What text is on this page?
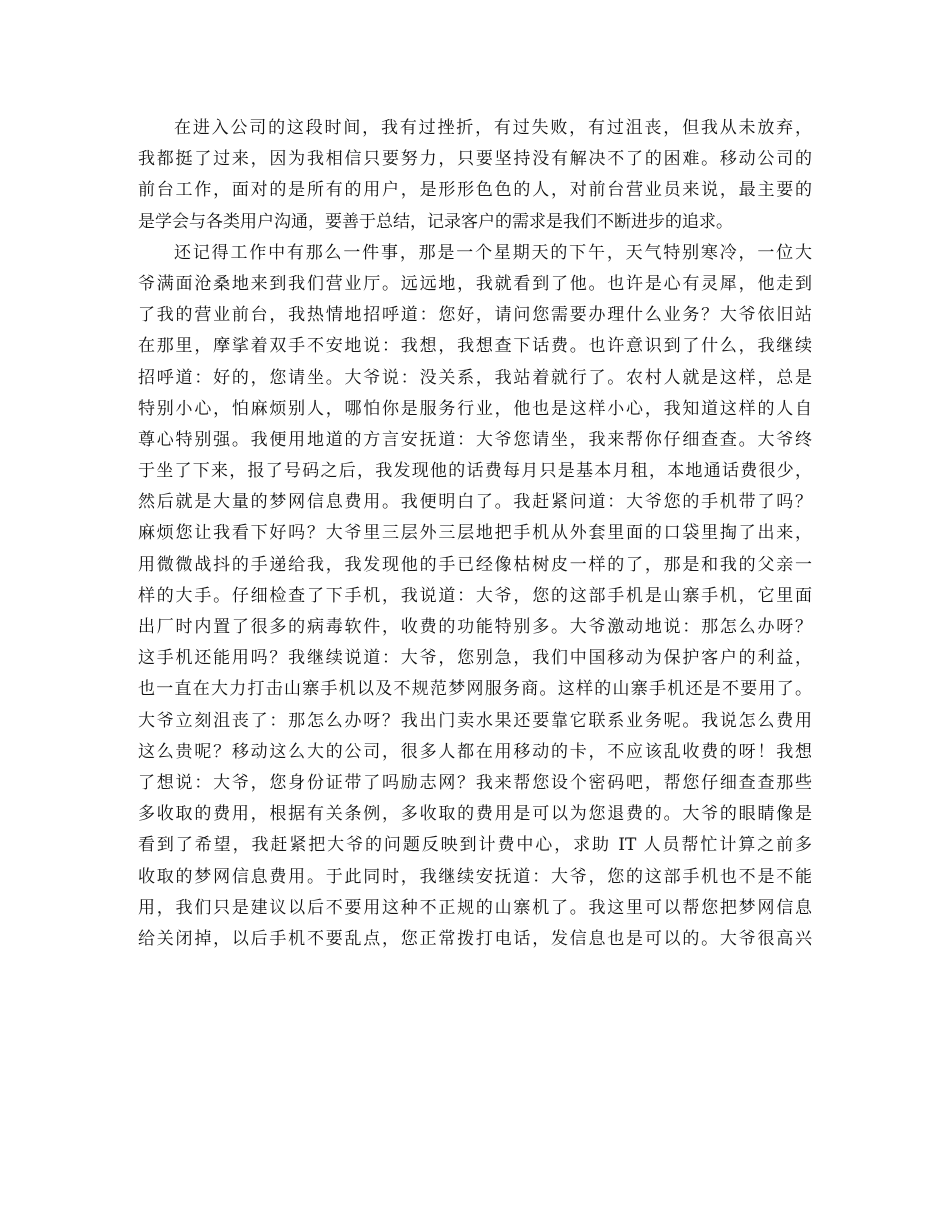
在进入公司的这段时间，我有过挫折，有过失败，有过沮丧，但我从未放弃，
我都挺了过来，因为我相信只要努力，只要坚持没有解决不了的困难。移动公司的
前台工作，面对的是所有的用户，是形形色色的人，对前台营业员来说，最主要的
是学会与各类用户沟通，要善于总结，记录客户的需求是我们不断进步的追求。
还记得工作中有那么一件事，那是一个星期天的下午，天气特别寒冷，一位大
爷满面沧桑地来到我们营业厅。远远地，我就看到了他。也许是心有灵犀，他走到
了我的营业前台，我热情地招呼道：您好，请问您需要办理什么业务？大爷依旧站
在那里，摩挲着双手不安地说：我想，我想查下话费。也许意识到了什么，我继续
招呼道：好的，您请坐。大爷说：没关系，我站着就行了。农村人就是这样，总是
特别小心，怕麻烦别人，哪怕你是服务行业，他也是这样小心，我知道这样的人自
尊心特别强。我便用地道的方言安抚道：大爷您请坐，我来帮你仔细查查。大爷终
于坐了下来，报了号码之后，我发现他的话费每月只是基本月租，本地通话费很少，
然后就是大量的梦网信息费用。我便明白了。我赶紧问道：大爷您的手机带了吗？
麻烦您让我看下好吗？大爷里三层外三层地把手机从外套里面的口袋里掏了出来，
用微微战抖的手递给我，我发现他的手已经像枯树皮一样的了，那是和我的父亲一
样的大手。仔细检查了下手机，我说道：大爷，您的这部手机是山寨手机，它里面
出厂时内置了很多的病毒软件，收费的功能特别多。大爷激动地说：那怎么办呀？
这手机还能用吗？我继续说道：大爷，您别急，我们中国移动为保护客户的利益，
也一直在大力打击山寨手机以及不规范梦网服务商。这样的山寨手机还是不要用了。
大爷立刻沮丧了：那怎么办呀？我出门卖水果还要靠它联系业务呢。我说怎么费用
这么贵呢？移动这么大的公司，很多人都在用移动的卡，不应该乱收费的呀！我想
了想说：大爷，您身份证带了吗励志网？我来帮您设个密码吧，帮您仔细查查那些
多收取的费用，根据有关条例，多收取的费用是可以为您退费的。大爷的眼睛像是
看到了希望，我赶紧把大爷的问题反映到计费中心，求助 IT 人员帮忙计算之前多
收取的梦网信息费用。于此同时，我继续安抚道：大爷，您的这部手机也不是不能
用，我们只是建议以后不要用这种不正规的山寨机了。我这里可以帮您把梦网信息
给关闭掉，以后手机不要乱点，您正常拨打电话，发信息也是可以的。大爷很高兴
